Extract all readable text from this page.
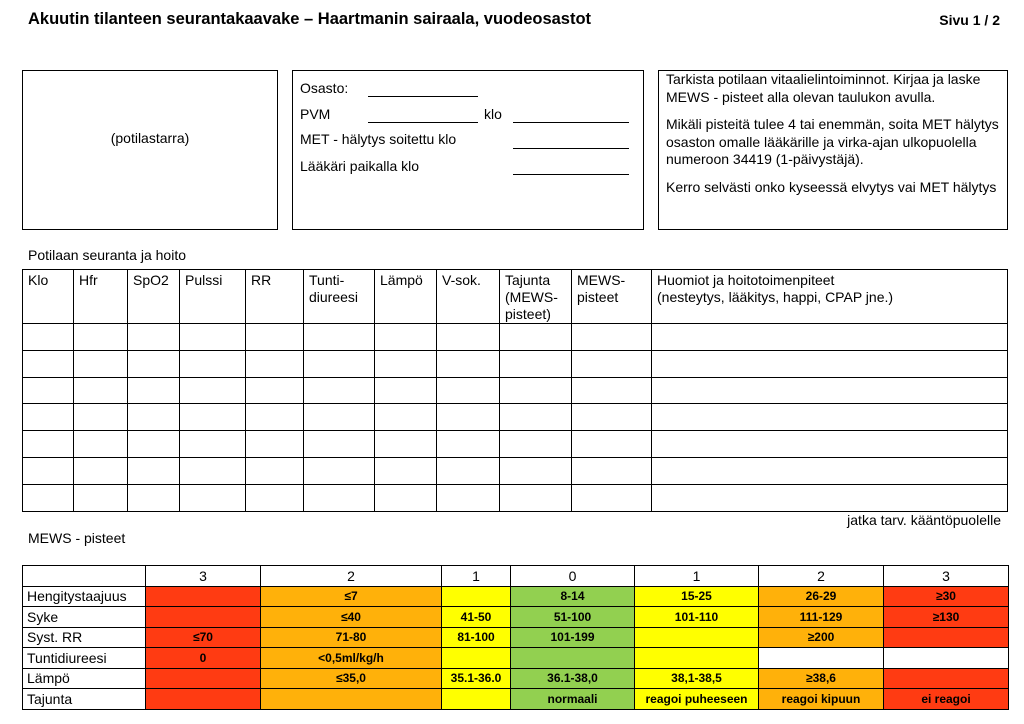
Akuutin tilanteen seurantakaavake – Haartmanin sairaala, vuodeosastot	Sivu 1 / 2
(potilastarra)
Osasto:
PVM	klo
MET - hälytys soitettu klo
Lääkäri paikalla klo

Tarkista potilaan vitaalielintoiminnot. Kirjaa ja laske MEWS - pisteet alla olevan taulukon avulla.

Mikäli pisteitä tulee 4 tai enemmän, soita MET hälytys osaston omalle lääkärille ja virka-ajan ulkopuolella numeroon 34419 (1-päivystäjä).

Kerro selvästi onko kyseessä elvytys vai MET hälytys

Potilaan seuranta ja hoito
Klo	Hfr	SpO2	Pulssi	RR	Tunti-
diureesi	Lämpö	V-sok.	Tajunta
(MEWS-
pisteet)	MEWS-
pisteet	Huomiot ja hoitotoimenpiteet
(nesteytys, lääkitys, happi, CPAP jne.)

jatka tarv. kääntöpuolelle
MEWS - pisteet
	3	2	1	0	1	2	3
Hengitystaajuus		≤7		8-14	15-25	26-29	≥30
Syke		≤40	41-50	51-100	101-110	111-129	≥130
Syst. RR	≤70	71-80	81-100	101-199		≥200	
Tuntidiureesi	0	<0,5ml/kg/h					
Lämpö		≤35,0	35.1-36.0	36.1-38,0	38,1-38,5	≥38,6	
Tajunta				normaali	reagoi puheeseen	reagoi kipuun	ei reagoi
